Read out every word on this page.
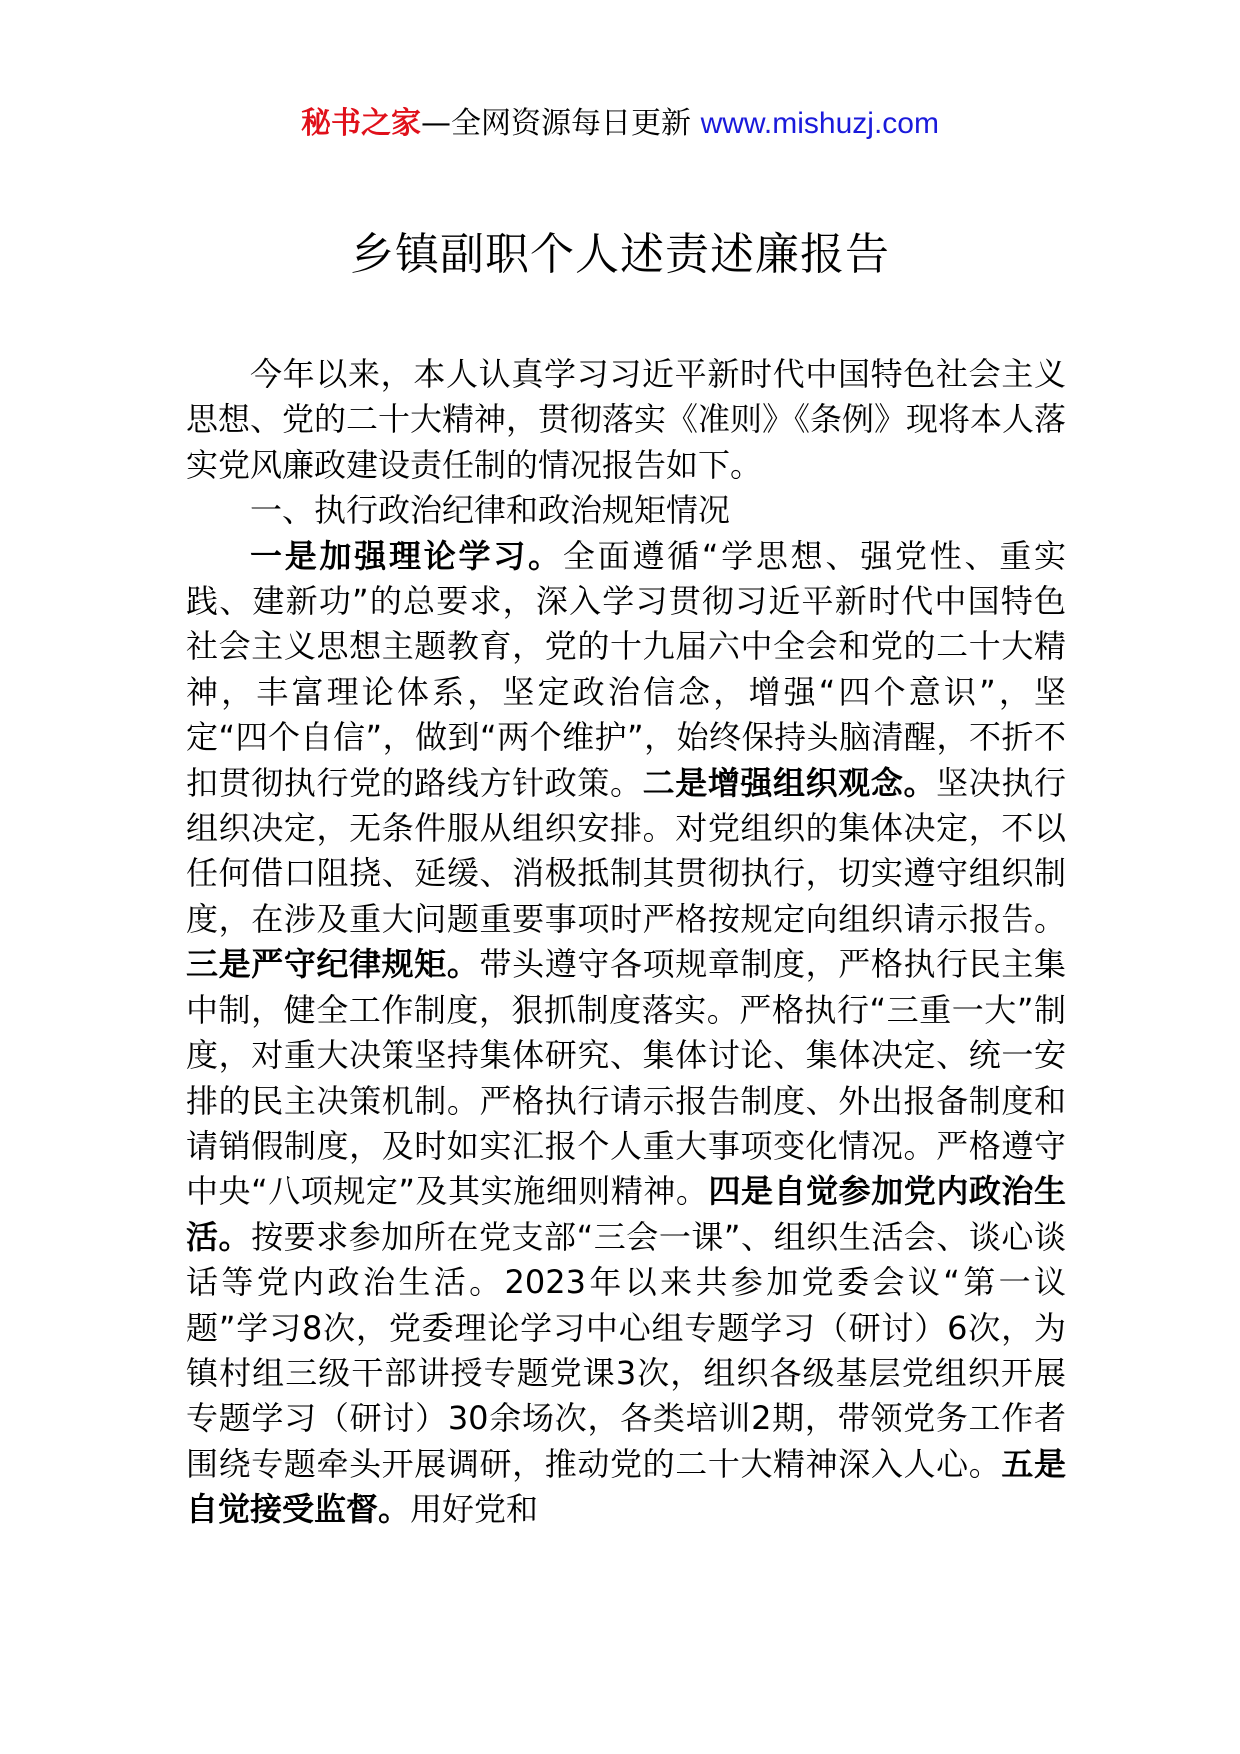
秘书之家—全网资源每日更新 www.mishuzj.com
乡镇副职个人述责述廉报告

今年以来，本人认真学习习近平新时代中国特色社会主义思想、党的二十大精神，贯彻落实《准则》《条例》现将本人落实党风廉政建设责任制的情况报告如下。

一、执行政治纪律和政治规矩情况

一是加强理论学习。全面遵循“学思想、强党性、重实践、建新功”的总要求，深入学习贯彻习近平新时代中国特色社会主义思想主题教育，党的十九届六中全会和党的二十大精神，丰富理论体系，坚定政治信念，增强“四个意识”，坚定“四个自信”，做到“两个维护”，始终保持头脑清醒，不折不扣贯彻执行党的路线方针政策。二是增强组织观念。坚决执行组织决定，无条件服从组织安排。对党组织的集体决定，不以任何借口阻挠、延缓、消极抵制其贯彻执行，切实遵守组织制度，在涉及重大问题重要事项时严格按规定向组织请示报告。三是严守纪律规矩。带头遵守各项规章制度，严格执行民主集中制，健全工作制度，狠抓制度落实。严格执行“三重一大”制度，对重大决策坚持集体研究、集体讨论、集体决定、统一安排的民主决策机制。严格执行请示报告制度、外出报备制度和请销假制度，及时如实汇报个人重大事项变化情况。严格遵守中央“八项规定”及其实施细则精神。四是自觉参加党内政治生活。按要求参加所在党支部“三会一课”、组织生活会、谈心谈话等党内政治生活。2023年以来共参加党委会议“第一议题”学习8次，党委理论学习中心组专题学习（研讨）6次，为镇村组三级干部讲授专题党课3次，组织各级基层党组织开展专题学习（研讨）30余场次，各类培训2期，带领党务工作者围绕专题牵头开展调研，推动党的二十大精神深入人心。五是自觉接受监督。用好党和
